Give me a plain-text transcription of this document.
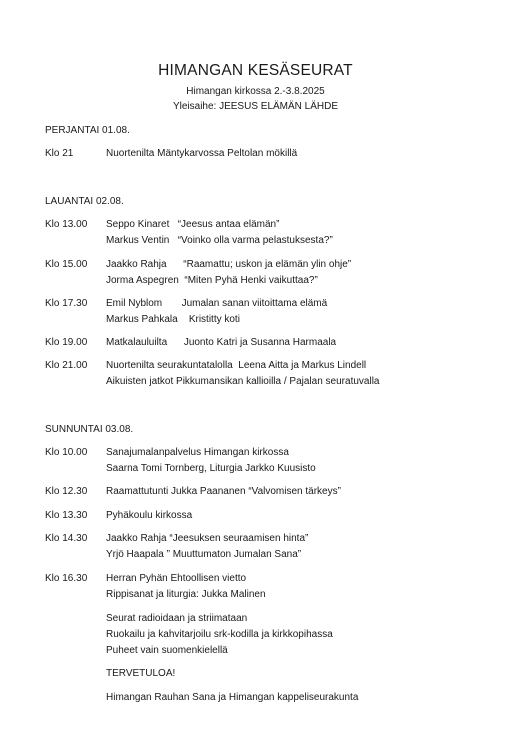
HIMANGAN KESÄSEURAT
Himangan kirkossa 2.-3.8.2025
Yleisaihe: JEESUS ELÄMÄN LÄHDE
PERJANTAI 01.08.
Klo 21	Nuortenilta Mäntykarvossa Peltolan mökillä
LAUANTAI 02.08.
Klo 13.00	Seppo Kinaret   “Jeesus antaa elämän”
Markus Ventin   “Voinko olla varma pelastuksesta?”
Klo 15.00	Jaakko Rahja      “Raamattu; uskon ja elämän ylin ohje”
Jorma Aspegren  “Miten Pyhä Henki vaikuttaa?”
Klo 17.30	Emil Nyblom       Jumalan sanan viitoittama elämä
Markus Pahkala    Kristitty koti
Klo 19.00	Matkalauluilta      Juonto Katri ja Susanna Harmaala
Klo 21.00	Nuortenilta seurakuntatalolla  Leena Aitta ja Markus Lindell
Aikuisten jatkot Pikkumansikan kallioilla / Pajalan seuratuvalla
SUNNUNTAI 03.08.
Klo 10.00	Sanajumalanpalvelus Himangan kirkossa
Saarna Tomi Tornberg, Liturgia Jarkko Kuusisto
Klo 12.30	Raamattutunti Jukka Paananen “Valvomisen tärkeys”
Klo 13.30	Pyhäkoulu kirkossa
Klo 14.30	Jaakko Rahja “Jeesuksen seuraamisen hinta”
Yrjö Haapala ” Muuttumaton Jumalan Sana”
Klo 16.30	Herran Pyhän Ehtoollisen vietto
Rippisanat ja liturgia: Jukka Malinen
Seurat radioidaan ja striimataan
Ruokailu ja kahvitarjoilu srk-kodilla ja kirkkopihassa
Puheet vain suomenkielellä
TERVETULOA!
Himangan Rauhan Sana ja Himangan kappeliseurakunta
